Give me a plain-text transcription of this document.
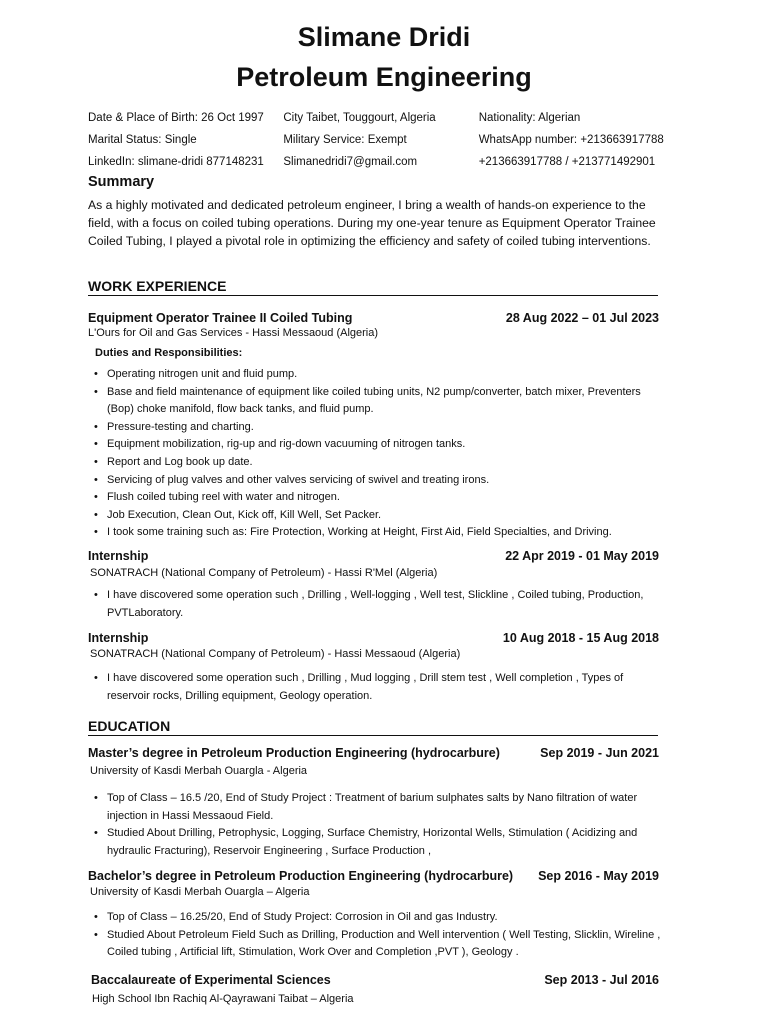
Slimane Dridi
Petroleum Engineering
Date & Place of Birth: 26 Oct 1997	City Taibet, Touggourt, Algeria	Nationality: Algerian
Marital Status: Single	Military Service: Exempt	WhatsApp number: +213663917788
LinkedIn: slimane-dridi 877148231	Slimanedridi7@gmail.com	+213663917788 / +213771492901
Summary
As a highly motivated and dedicated petroleum engineer, I bring a wealth of hands-on experience to the field, with a focus on coiled tubing operations. During my one-year tenure as Equipment Operator Trainee Coiled Tubing, I played a pivotal role in optimizing the efficiency and safety of coiled tubing interventions.
WORK EXPERIENCE
Equipment Operator Trainee II Coiled Tubing	28 Aug 2022 – 01 Jul 2023
L'Ours for Oil and Gas Services - Hassi Messaoud (Algeria)
Duties and Responsibilities:
• Operating nitrogen unit and fluid pump.
• Base and field maintenance of equipment like coiled tubing units, N2 pump/converter, batch mixer, Preventers (Bop) choke manifold, flow back tanks, and fluid pump.
• Pressure-testing and charting.
• Equipment mobilization, rig-up and rig-down vacuuming of nitrogen tanks.
• Report and Log book up date.
• Servicing of plug valves and other valves servicing of swivel and treating irons.
• Flush coiled tubing reel with water and nitrogen.
• Job Execution, Clean Out, Kick off, Kill Well, Set Packer.
• I took some training such as: Fire Protection, Working at Height, First Aid, Field Specialties, and Driving.
Internship	22 Apr 2019 - 01 May 2019
SONATRACH (National Company of Petroleum) - Hassi R'Mel (Algeria)
• I have discovered some operation such , Drilling , Well-logging , Well test, Slickline , Coiled tubing, Production, PVTLaboratory.
Internship	10 Aug 2018 - 15 Aug 2018
SONATRACH (National Company of Petroleum) - Hassi Messaoud (Algeria)
• I have discovered some operation such , Drilling , Mud logging , Drill stem test , Well completion , Types of reservoir rocks, Drilling equipment, Geology operation.
EDUCATION
Master’s degree in Petroleum Production Engineering (hydrocarbure)	Sep 2019 - Jun 2021
University of Kasdi Merbah Ouargla - Algeria
• Top of Class – 16.5 /20, End of Study Project : Treatment of barium sulphates salts by Nano filtration of water injection in Hassi Messaoud Field.
• Studied About Drilling, Petrophysic, Logging, Surface Chemistry, Horizontal Wells, Stimulation ( Acidizing and hydraulic Fracturing), Reservoir Engineering , Surface Production ,
Bachelor’s degree in Petroleum Production Engineering (hydrocarbure) Sep 2016 - May 2019
University of Kasdi Merbah Ouargla – Algeria
• Top of Class – 16.25/20, End of Study Project: Corrosion in Oil and gas Industry.
• Studied About Petroleum Field Such as Drilling, Production and Well intervention ( Well Testing, Slicklin, Wireline , Coiled tubing , Artificial lift, Stimulation, Work Over and Completion ,PVT ), Geology .
Baccalaureate of Experimental Sciences	Sep 2013 - Jul 2016
High School Ibn Rachiq Al-Qayrawani Taibat – Algeria
